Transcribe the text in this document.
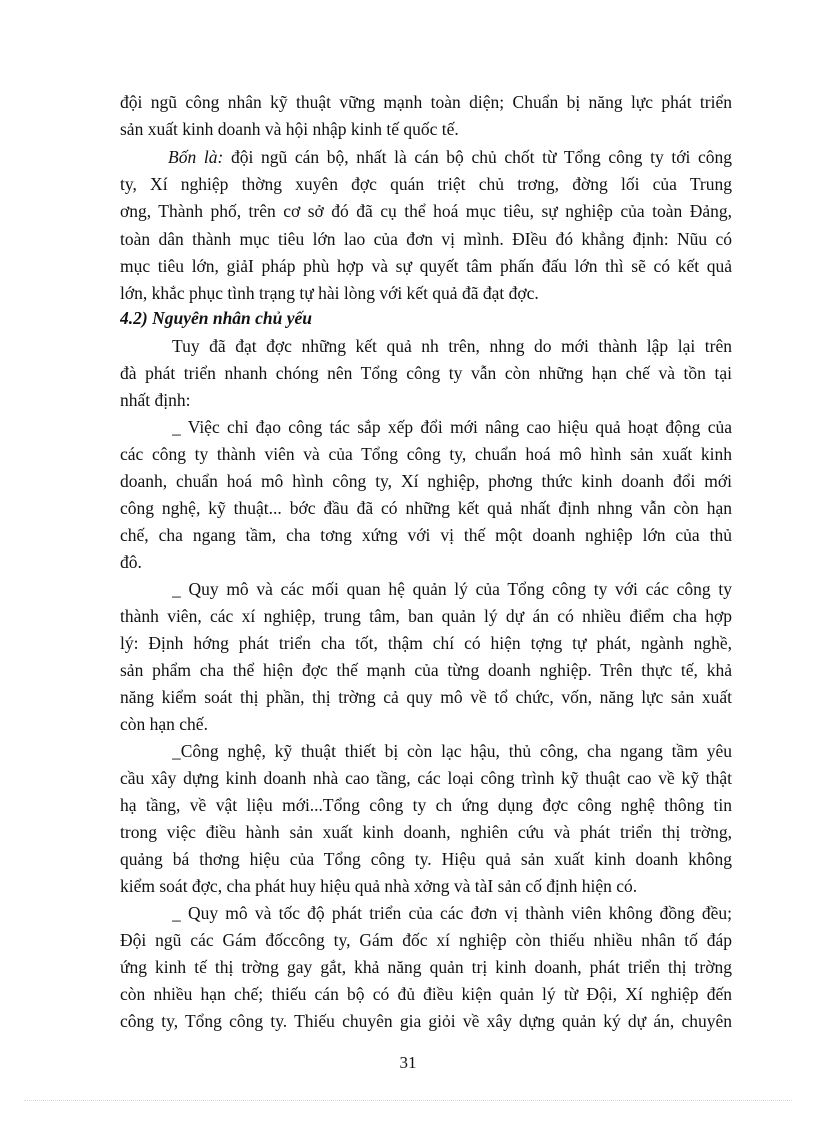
đội ngũ công nhân kỹ thuật vững mạnh toàn diện; Chuẩn bị năng lực phát triển
sản xuất kinh doanh và hội nhập kinh tế quốc tế.
Bốn là: đội ngũ cán bộ, nhất là cán bộ chủ chốt từ Tổng công ty tới công
ty, Xí nghiệp thờng xuyên đợc quán triệt chủ trơng, đờng lối của Trung
ơng, Thành phố, trên cơ sở đó đã cụ thể hoá mục tiêu, sự nghiệp của toàn Đảng,
toàn dân thành mục tiêu lớn lao của đơn vị mình. ĐIều đó khẳng định: Nũu có
mục tiêu lớn, giảI pháp phù hợp và sự quyết tâm phấn đấu lớn thì sẽ có kết quả
lớn, khắc phục tình trạng tự hài lòng với kết quả đã đạt đợc.
4.2) Nguyên nhân chủ yếu
Tuy đã đạt đợc những kết quả nh trên, nhng do mới thành lập lại trên
đà phát triển nhanh chóng nên Tổng công ty vẫn còn những hạn chế và tồn tại
nhất định:
_ Việc chỉ đạo công tác sắp xếp đổi mới nâng cao hiệu quả hoạt động của
các công ty thành viên và của Tổng công ty, chuẩn hoá mô hình sản xuất kinh
doanh, chuẩn hoá mô hình công ty, Xí nghiệp, phơng thức kinh doanh đổi mới
công nghệ, kỹ thuật... bớc đầu đã có những kết quả nhất định nhng vẫn còn hạn
chế, cha ngang tầm, cha tơng xứng với vị thế một doanh nghiệp lớn của thủ
đô.
_ Quy mô và các mối quan hệ quản lý của Tổng công ty với các công ty
thành viên, các xí nghiệp, trung tâm, ban quản lý dự án có nhiều điểm cha hợp
lý: Định hớng phát triển cha tốt, thậm chí có hiện tợng tự phát, ngành nghề,
sản phẩm cha thể hiện đợc thế mạnh của từng doanh nghiệp. Trên thực tế, khả
năng kiểm soát thị phần, thị trờng cả quy mô về tổ chức, vốn, năng lực sản xuất
còn hạn chế.
_Công nghệ, kỹ thuật thiết bị còn lạc hậu, thủ công, cha ngang tầm yêu
cầu xây dựng kinh doanh nhà cao tầng, các loại công trình kỹ thuật cao về kỹ thật
hạ tầng, về vật liệu mới...Tổng công ty ch ứng dụng đợc công nghệ thông tin
trong việc điều hành sản xuất kinh doanh, nghiên cứu và phát triển thị trờng,
quảng bá thơng hiệu của Tổng công ty. Hiệu quả sản xuất kinh doanh không
kiểm soát đợc, cha phát huy hiệu quả nhà xởng và tàI sản cố định hiện có.
_ Quy mô và tốc độ phát triển của các đơn vị thành viên không đồng đều;
Đội ngũ các Gám đốccông ty, Gám đốc xí nghiệp còn thiếu nhiều nhân tố đáp
ứng kinh tế thị trờng gay gắt, khả năng quản trị kinh doanh, phát triển thị trờng
còn nhiều hạn chế; thiếu cán bộ có đủ điều kiện quản lý từ Đội, Xí nghiệp đến
công ty, Tổng công ty. Thiếu chuyên gia giỏi về xây dựng quản ký dự án, chuyên
31
